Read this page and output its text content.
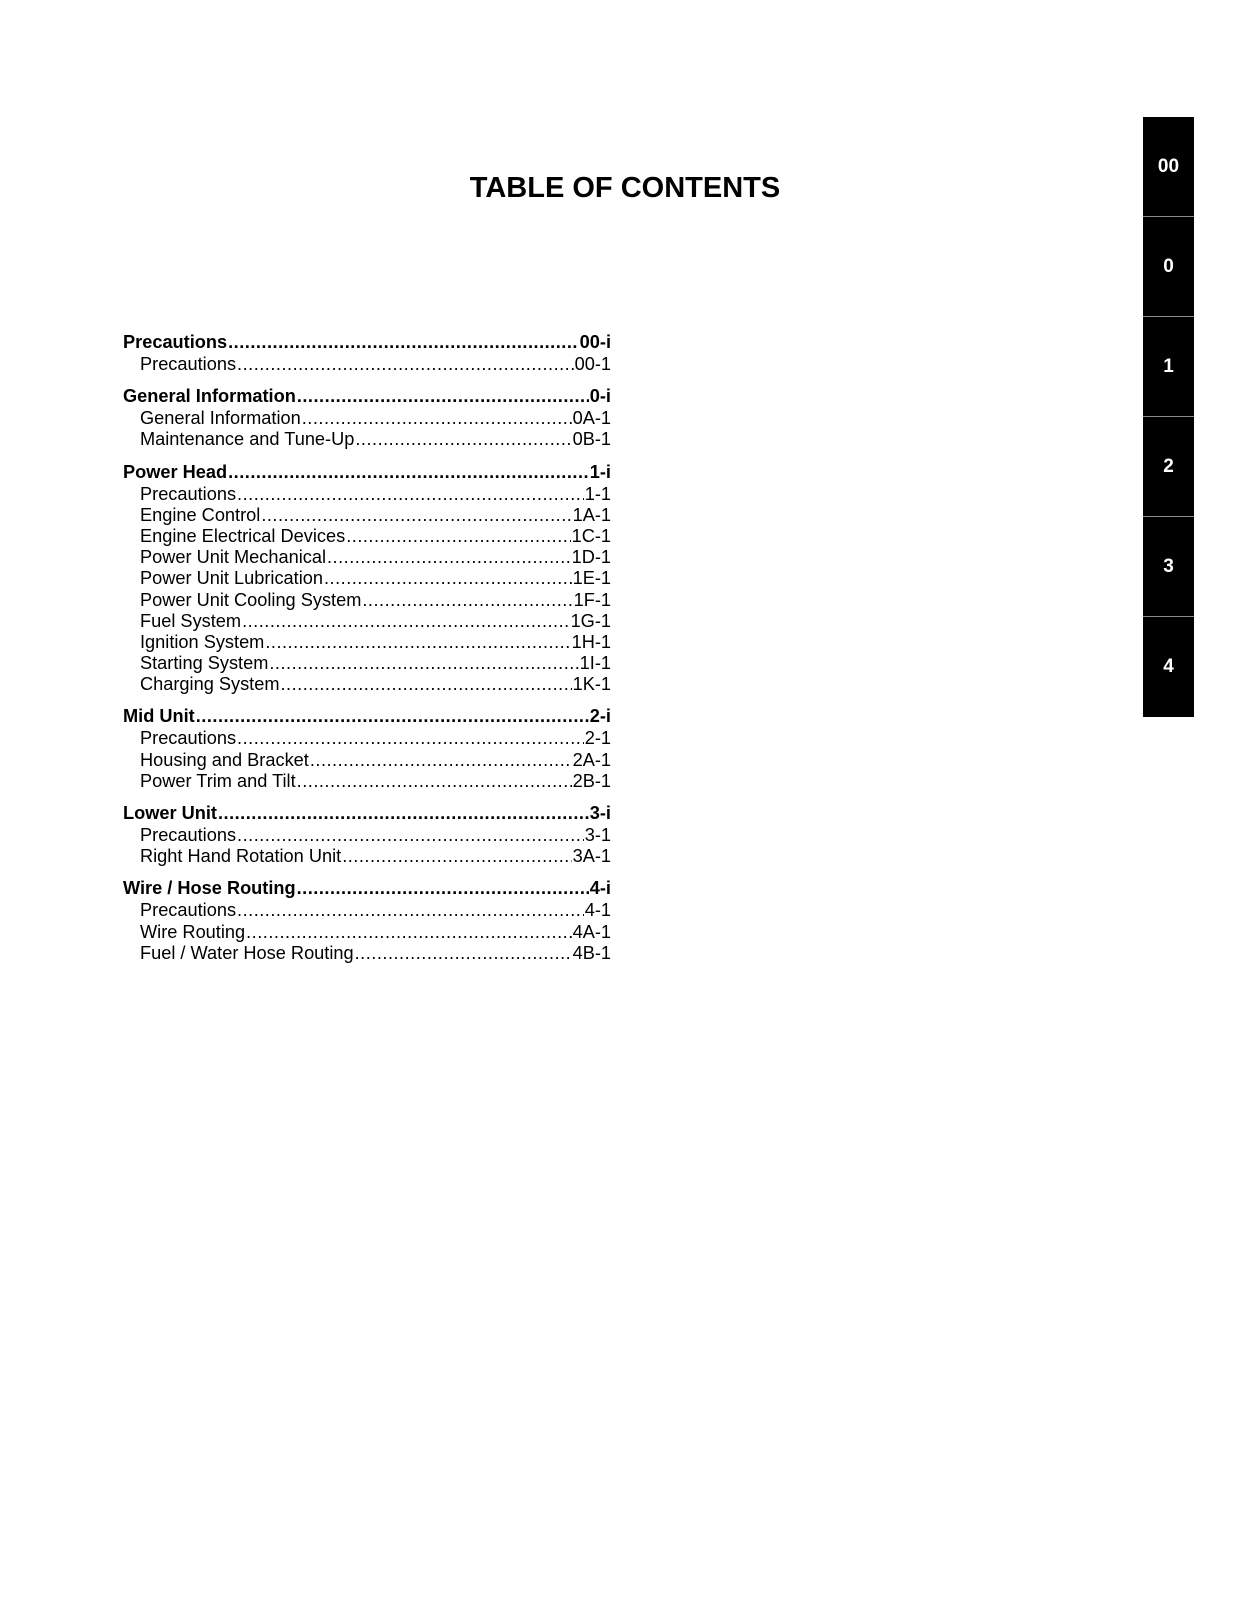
TABLE OF CONTENTS
Precautions .....	00-i
Precautions .....	00-1
General Information .....	0-i
General Information .....	0A-1
Maintenance and Tune-Up .....	0B-1
Power Head .....	1-i
Precautions .....	1-1
Engine Control .....	1A-1
Engine Electrical Devices .....	1C-1
Power Unit Mechanical .....	1D-1
Power Unit Lubrication .....	1E-1
Power Unit Cooling System .....	1F-1
Fuel System .....	1G-1
Ignition System .....	1H-1
Starting System .....	1I-1
Charging System .....	1K-1
Mid Unit .....	2-i
Precautions .....	2-1
Housing and Bracket .....	2A-1
Power Trim and Tilt .....	2B-1
Lower Unit .....	3-i
Precautions .....	3-1
Right Hand Rotation Unit .....	3A-1
Wire / Hose Routing .....	4-i
Precautions .....	4-1
Wire Routing .....	4A-1
Fuel / Water Hose Routing .....	4B-1
00
0
1
2
3
4
